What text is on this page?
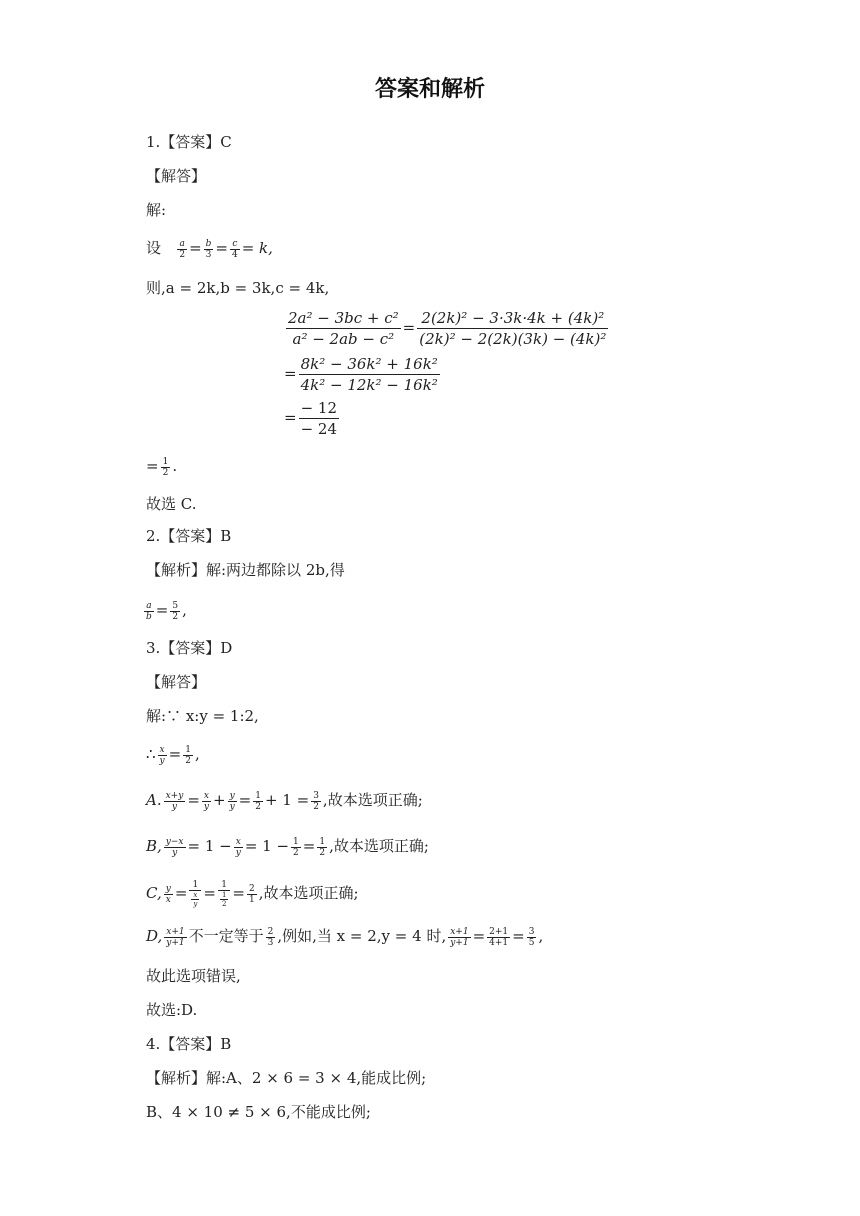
答案和解析
1.【答案】C
【解答】
解:
设 $\frac{a}{2} = \frac{b}{3} = \frac{c}{4} = k$,
则,a = 2k,b = 3k,c = 4k,
$\frac{\text{2a² − 3bc + c²}}{\text{a² − 2ab − c²}} = \frac{\text{2(2k)² − 3·3k·4k + (4k)²}}{\text{(2k)² − 2(2k)(3k) − (4k)²}}$
= $\frac{\text{8k² − 36k² + 16k²}}{\text{4k² − 12k² − 16k²}}$
= $\frac{- 12}{- 24}$
= $\frac{1}{2}$ .
故选 C.
2.【答案】B
【解析】解:两边都除以 2b,得
$\frac{a}{b} = \frac{5}{2}$ ,
3.【答案】D
【解答】
解:∵ x:y = 1:2,
∴ $\frac{x}{y} = \frac{1}{2}$ ,
A. $\frac{x+y}{y} = \frac{x}{y} + \frac{y}{y} = \frac{1}{2} + 1 = \frac{3}{2}$ ,故本选项正确;
B, $\frac{y-x}{y} = 1 - \frac{x}{y} = 1 - \frac{1}{2} = \frac{1}{2}$ ,故本选项正确;
C, $\frac{y}{x} = \frac{1}{\frac{x}{y}} = \frac{1}{\frac{1}{2}} = \frac{2}{1}$ ,故本选项正确;
D, $\frac{x+1}{y+1}$ 不一定等于 $\frac{2}{3}$ ,例如,当 x = 2,y = 4 时, $\frac{x+1}{y+1} = \frac{2+1}{4+1} = \frac{3}{5}$ ,
故此选项错误,
故选:D.
4.【答案】B
【解析】解:A、2 × 6 = 3 × 4,能成比例;
B、4 × 10 ≠ 5 × 6,不能成比例;
